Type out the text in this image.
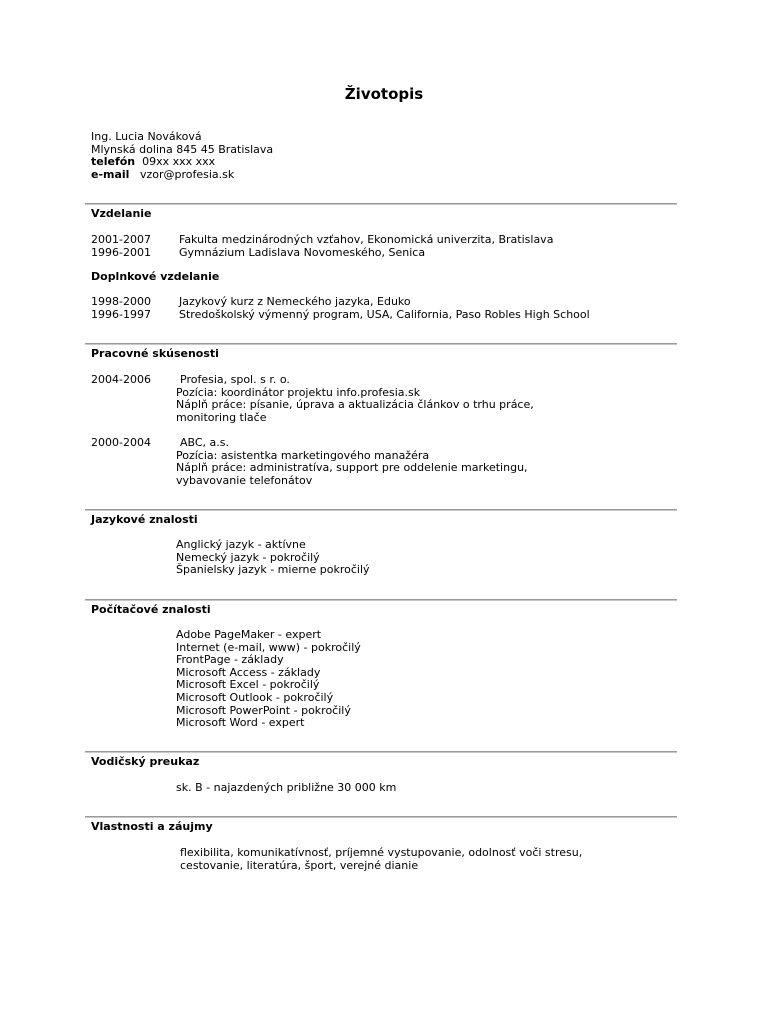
Životopis
Ing. Lucia Nováková
Mlynská dolina 845 45 Bratislava
telefón 09xx xxx xxx
e-mail vzor@profesia.sk
Vzdelanie
2001-2007	Fakulta medzinárodných vzťahov, Ekonomická univerzita, Bratislava
1996-2001	Gymnázium Ladislava Novomeského, Senica
Doplnkové vzdelanie
1998-2000	Jazykový kurz z Nemeckého jazyka, Eduko
1996-1997	Stredoškolský výmenný program, USA, California, Paso Robles High School
Pracovné skúsenosti
2004-2006	Profesia, spol. s r. o.
Pozícia: koordinátor projektu info.profesia.sk
Náplň práce: písanie, úprava a aktualizácia článkov o trhu práce,
monitoring tlače
2000-2004	ABC, a.s.
Pozícia: asistentka marketingového manažéra
Náplň práce: administratíva, support pre oddelenie marketingu,
vybavovanie telefonátov
Jazykové znalosti
Anglický jazyk - aktívne
Nemecký jazyk - pokročilý
Španielsky jazyk - mierne pokročilý
Počítačové znalosti
Adobe PageMaker - expert
Internet (e-mail, www) - pokročilý
FrontPage - základy
Microsoft Access - základy
Microsoft Excel - pokročilý
Microsoft Outlook - pokročilý
Microsoft PowerPoint - pokročilý
Microsoft Word - expert
Vodičský preukaz
sk. B - najazdených približne 30 000 km
Vlastnosti a záujmy
flexibilita, komunikatívnosť, príjemné vystupovanie, odolnosť voči stresu,
cestovanie, literatúra, šport, verejné dianie
